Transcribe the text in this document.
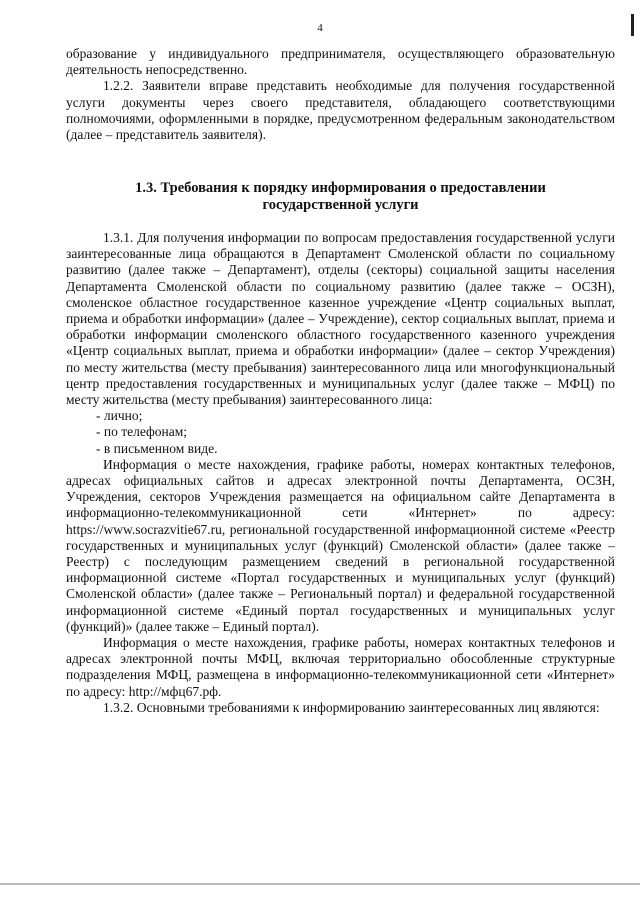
4

образование у индивидуального предпринимателя, осуществляющего образовательную деятельность непосредственно.

1.2.2. Заявители вправе представить необходимые для получения государственной услуги документы через своего представителя, обладающего соответствующими полномочиями, оформленными в порядке, предусмотренном федеральным законодательством (далее – представитель заявителя).

1.3. Требования к порядку информирования о предоставлении
государственной услуги

1.3.1. Для получения информации по вопросам предоставления государственной услуги заинтересованные лица обращаются в Департамент Смоленской области по социальному развитию (далее также – Департамент), отделы (секторы) социальной защиты населения Департамента Смоленской области по социальному развитию (далее также – ОСЗН), смоленское областное государственное казенное учреждение «Центр социальных выплат, приема и обработки информации» (далее – Учреждение), сектор социальных выплат, приема и обработки информации смоленского областного государственного казенного учреждения «Центр социальных выплат, приема и обработки информации» (далее – сектор Учреждения) по месту жительства (месту пребывания) заинтересованного лица или многофункциональный центр предоставления государственных и муниципальных услуг (далее также – МФЦ) по месту жительства (месту пребывания) заинтересованного лица:

- лично;

- по телефонам;

- в письменном виде.

Информация о месте нахождения, графике работы, номерах контактных телефонов, адресах официальных сайтов и адресах электронной почты Департамента, ОСЗН, Учреждения, секторов Учреждения размещается на официальном сайте Департамента в информационно-телекоммуникационной сети «Интернет» по адресу: https://www.socrazvitie67.ru, региональной государственной информационной системе «Реестр государственных и муниципальных услуг (функций) Смоленской области» (далее также – Реестр) с последующим размещением сведений в региональной государственной информационной системе «Портал государственных и муниципальных услуг (функций) Смоленской области» (далее также – Региональный портал) и федеральной государственной информационной системе «Единый портал государственных и муниципальных услуг (функций)» (далее также – Единый портал).

Информация о месте нахождения, графике работы, номерах контактных телефонов и адресах электронной почты МФЦ, включая территориально обособленные структурные подразделения МФЦ, размещена в информационно-телекоммуникационной сети «Интернет» по адресу: http://мфц67.рф.

1.3.2. Основными требованиями к информированию заинтересованных лиц являются:
